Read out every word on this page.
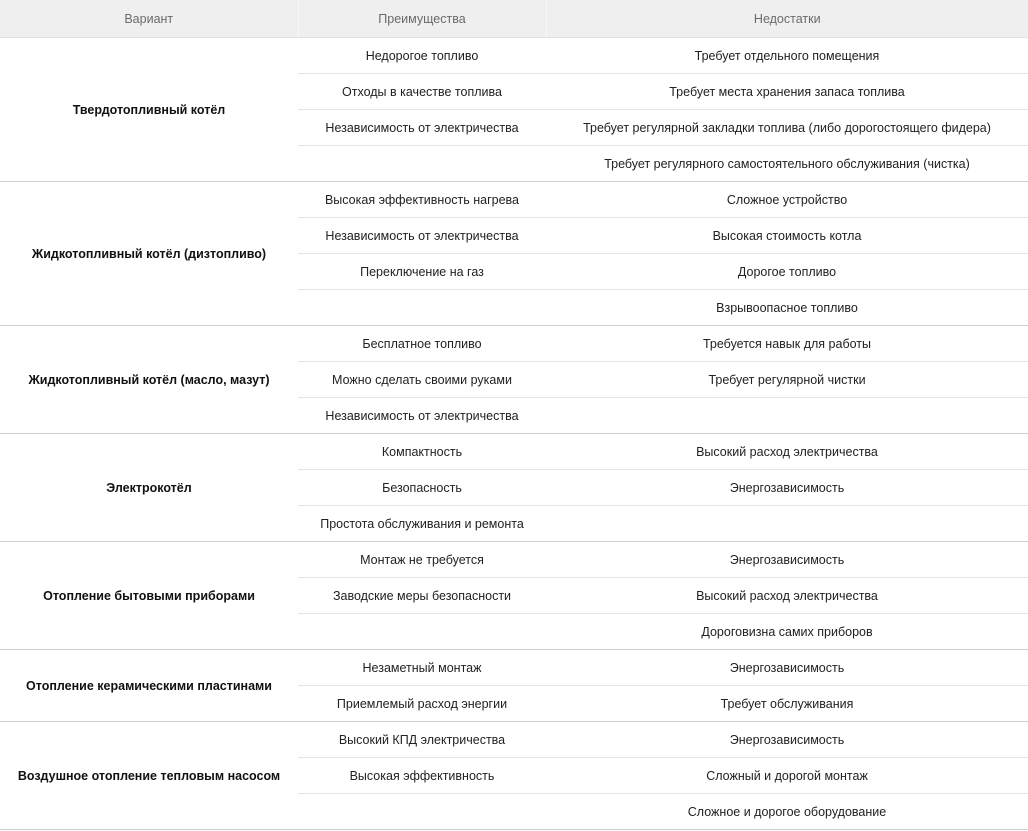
Вариант	Преимущества	Недостатки
Твердотопливный котёл	Недорогое топливо	Требует отдельного помещения
	Отходы в качестве топлива	Требует места хранения запаса топлива
	Независимость от электричества	Требует регулярной закладки топлива (либо дорогостоящего фидера)
		Требует регулярного самостоятельного обслуживания (чистка)
Жидкотопливный котёл (дизтопливо)	Высокая эффективность нагрева	Сложное устройство
	Независимость от электричества	Высокая стоимость котла
	Переключение на газ	Дорогое топливо
		Взрывоопасное топливо
Жидкотопливный котёл (масло, мазут)	Бесплатное топливо	Требуется навык для работы
	Можно сделать своими руками	Требует регулярной чистки
	Независимость от электричества	
Электрокотёл	Компактность	Высокий расход электричества
	Безопасность	Энергозависимость
	Простота обслуживания и ремонта	
Отопление бытовыми приборами	Монтаж не требуется	Энергозависимость
	Заводские меры безопасности	Высокий расход электричества
		Дороговизна самих приборов
Отопление керамическими пластинами	Незаметный монтаж	Энергозависимость
	Приемлемый расход энергии	Требует обслуживания
Воздушное отопление тепловым насосом	Высокий КПД электричества	Энергозависимость
	Высокая эффективность	Сложный и дорогой монтаж
		Сложное и дорогое оборудование
